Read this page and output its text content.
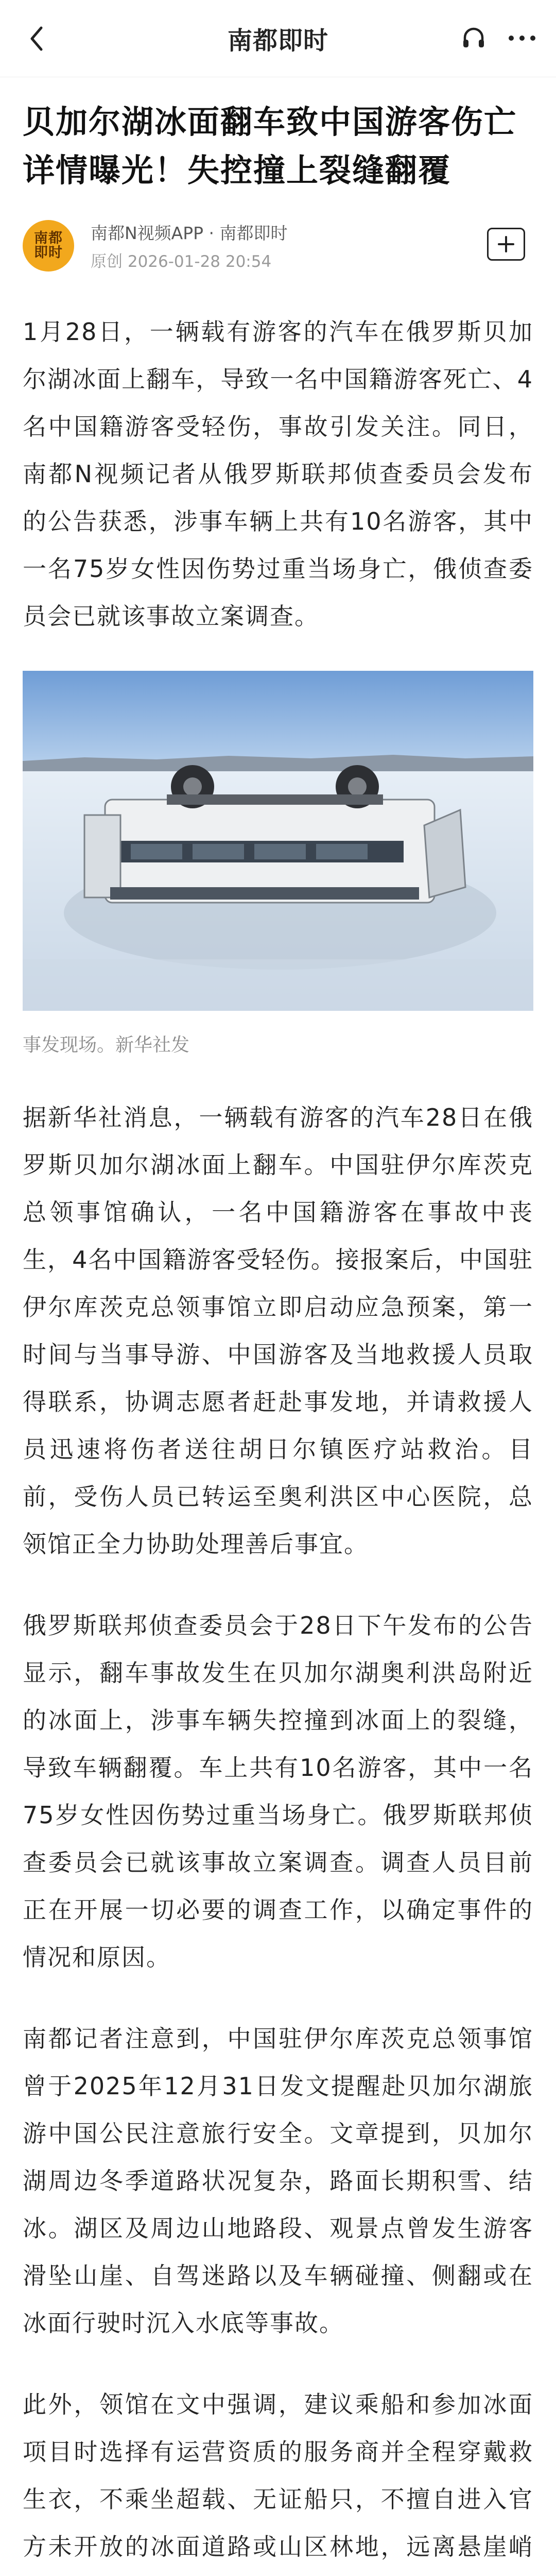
南都即时
贝加尔湖冰面翻车致中国游客伤亡详情曝光！失控撞上裂缝翻覆
南都即时
南都N视频APP · 南都即时
原创 2026-01-28 20:54

1月28日，一辆载有游客的汽车在俄罗斯贝加尔湖冰面上翻车，导致一名中国籍游客死亡、4名中国籍游客受轻伤，事故引发关注。同日，南都N视频记者从俄罗斯联邦侦查委员会发布的公告获悉，涉事车辆上共有10名游客，其中一名75岁女性因伤势过重当场身亡，俄侦查委员会已就该事故立案调查。

事发现场。新华社发

据新华社消息，一辆载有游客的汽车28日在俄罗斯贝加尔湖冰面上翻车。中国驻伊尔库茨克总领事馆确认，一名中国籍游客在事故中丧生，4名中国籍游客受轻伤。接报案后，中国驻伊尔库茨克总领事馆立即启动应急预案，第一时间与当事导游、中国游客及当地救援人员取得联系，协调志愿者赶赴事发地，并请救援人员迅速将伤者送往胡日尔镇医疗站救治。目前，受伤人员已转运至奥利洪区中心医院，总领馆正全力协助处理善后事宜。

俄罗斯联邦侦查委员会于28日下午发布的公告显示，翻车事故发生在贝加尔湖奥利洪岛附近的冰面上，涉事车辆失控撞到冰面上的裂缝，导致车辆翻覆。车上共有10名游客，其中一名75岁女性因伤势过重当场身亡。俄罗斯联邦侦查委员会已就该事故立案调查。调查人员目前正在开展一切必要的调查工作，以确定事件的情况和原因。

南都记者注意到，中国驻伊尔库茨克总领事馆曾于2025年12月31日发文提醒赴贝加尔湖旅游中国公民注意旅行安全。文章提到，贝加尔湖周边冬季道路状况复杂，路面长期积雪、结冰。湖区及周边山地路段、观景点曾发生游客滑坠山崖、自驾迷路以及车辆碰撞、侧翻或在冰面行驶时沉入水底等事故。

此外，领馆在文中强调，建议乘船和参加冰面项目时选择有运营资质的服务商并全程穿戴救生衣，不乘坐超载、无证船只，不擅自进入官方未开放的冰面道路或山区林地，远离悬崖峭
